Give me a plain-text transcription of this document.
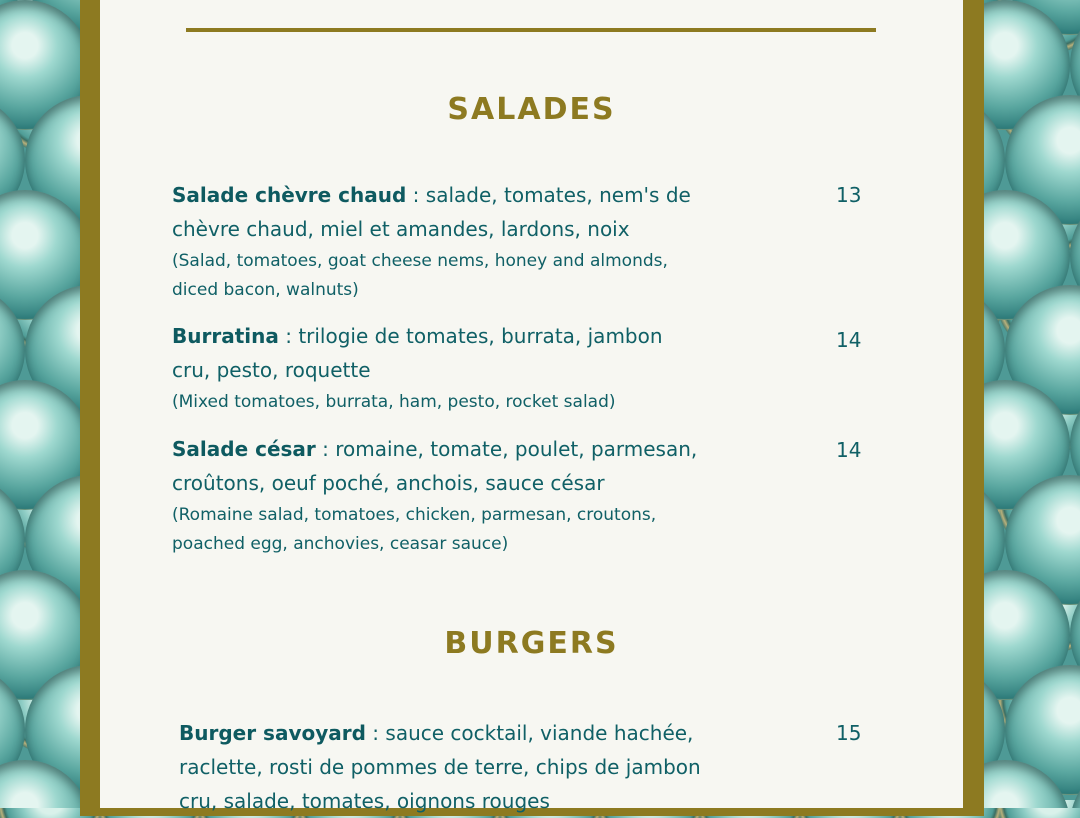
SALADES
Salade chèvre chaud : salade, tomates, nem's de chèvre chaud, miel et amandes, lardons, noix
(Salad, tomatoes, goat cheese nems, honey and almonds, diced bacon, walnuts)
13
Burratina : trilogie de tomates, burrata, jambon cru, pesto, roquette
(Mixed tomatoes, burrata, ham, pesto, rocket salad)
14
Salade césar : romaine, tomate, poulet, parmesan, croûtons, oeuf poché, anchois, sauce césar
(Romaine salad, tomatoes, chicken, parmesan, croutons, poached egg, anchovies, ceasar sauce)
14
BURGERS
Burger savoyard : sauce cocktail, viande hachée, raclette, rosti de pommes de terre, chips de jambon cru, salade, tomates, oignons rouges
15
